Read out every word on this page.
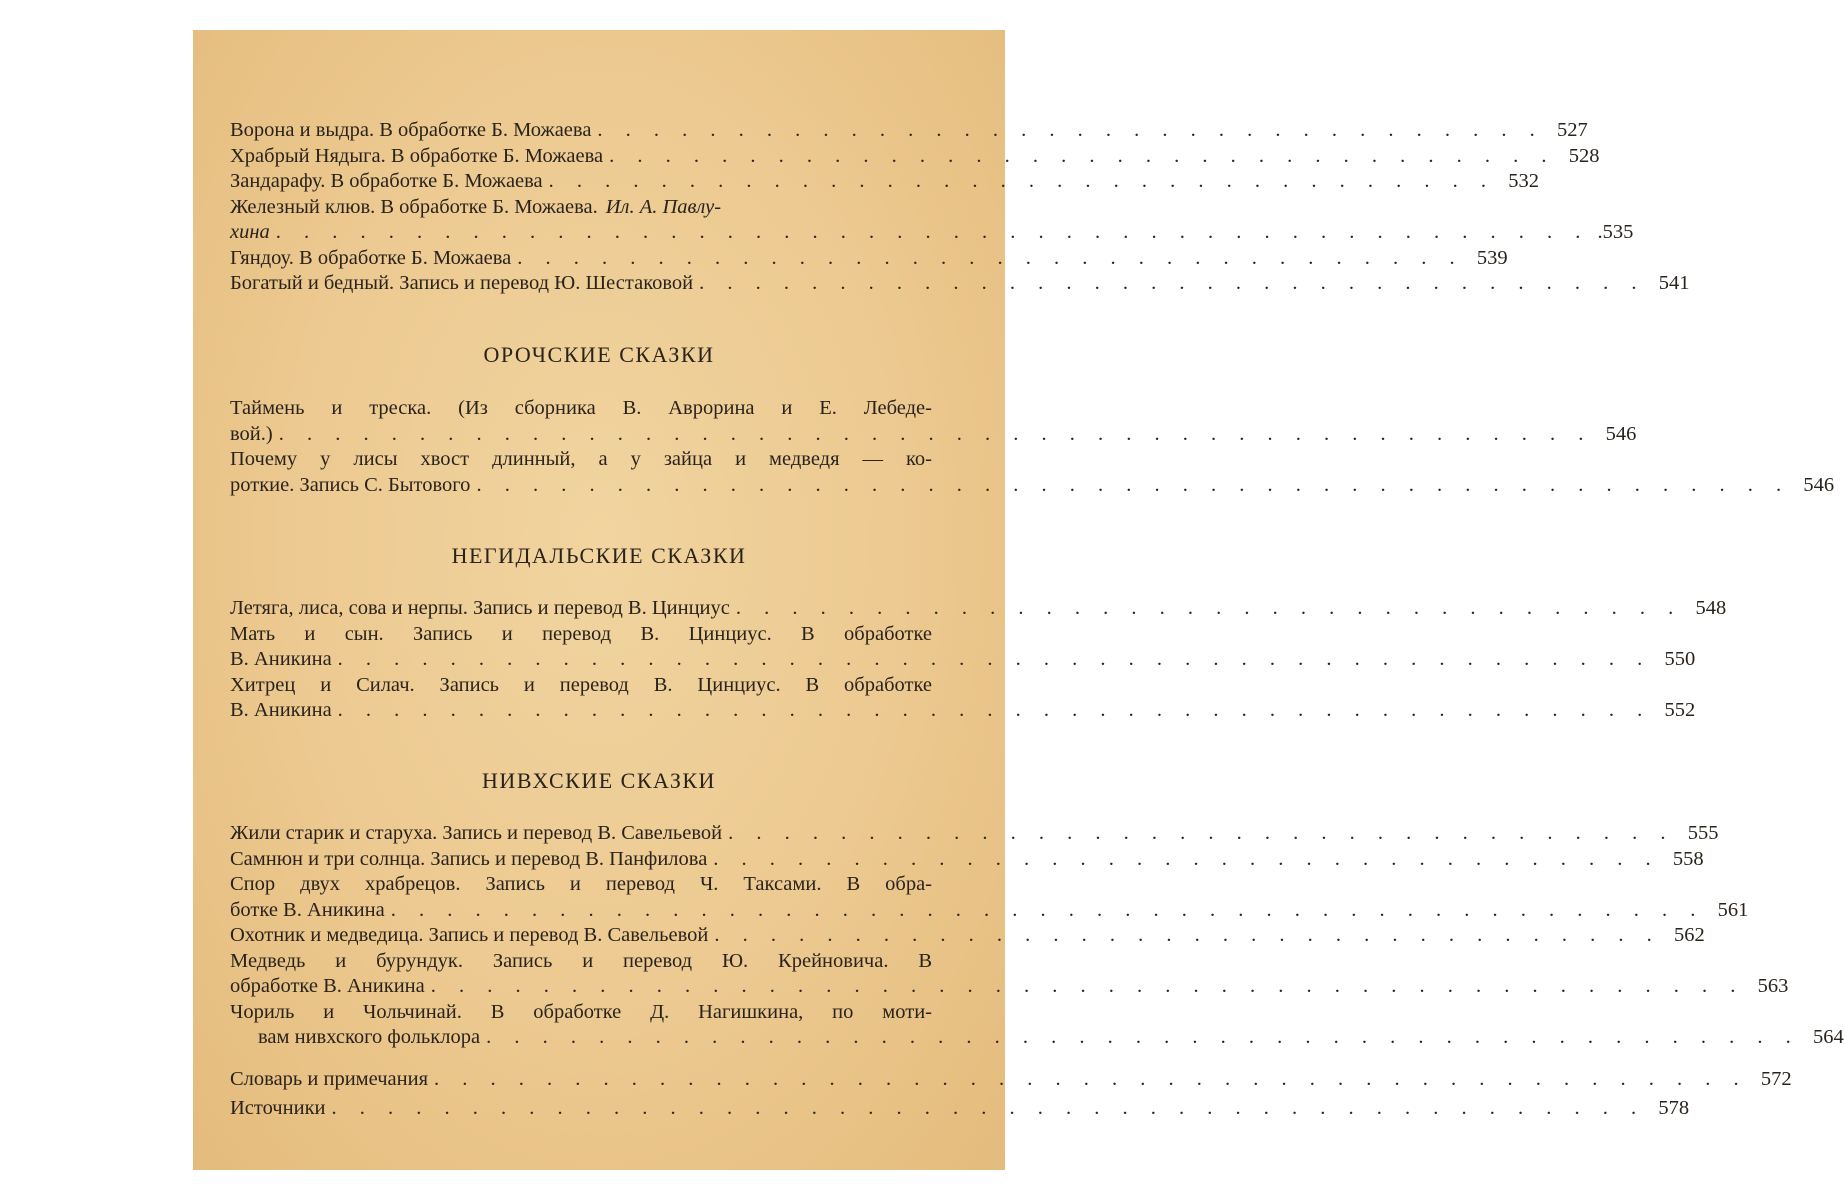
Ворона и выдра. В обработке Б. Можаева . . . . . . . . . . . . . . . . . . . . . . . . . . . . . . . . . . 527
Храбрый Нядыга. В обработке Б. Можаева . . . . . . . . . . . . . . . . . . . . . . . . . . . . . . . . . . 528
Зандарафу. В обработке Б. Можаева . . . . . . . . . . . . . . . . . . . . . . . . . . . . . . . . . . 532
Железный клюв. В обработке Б. Можаева. Ил. А. Павлу-
хина . . . . . . . . . . . . . . . . . . . . . . . . . . . . . . . . . . . . . . . . . . . . . . . .535
Гяндоу. В обработке Б. Можаева . . . . . . . . . . . . . . . . . . . . . . . . . . . . . . . . . . 539
Богатый и бедный. Запись и перевод Ю. Шестаковой . . . . . . . . . . . . . . . . . . . . . . . . . . . . . . . . . . 541
ОРОЧСКИЕ СКАЗКИ
Таймень и треска. (Из сборника В. Аврорина и Е. Лебеде-
вой.) . . . . . . . . . . . . . . . . . . . . . . . . . . . . . . . . . . . . . . . . . . . . . . . 546
Почему у лисы хвост длинный, а у зайца и медведя — ко-
роткие. Запись С. Бытового . . . . . . . . . . . . . . . . . . . . . . . . . . . . . . . . . . . . . . . . . . . . . . . 546
НЕГИДАЛЬСКИЕ СКАЗКИ
Летяга, лиса, сова и нерпы. Запись и перевод В. Цинциус . . . . . . . . . . . . . . . . . . . . . . . . . . . . . . . . . . 548
Мать и сын. Запись и перевод В. Цинциус. В обработке
В. Аникина . . . . . . . . . . . . . . . . . . . . . . . . . . . . . . . . . . . . . . . . . . . . . . . 550
Хитрец и Силач. Запись и перевод В. Цинциус. В обработке
В. Аникина . . . . . . . . . . . . . . . . . . . . . . . . . . . . . . . . . . . . . . . . . . . . . . . 552
НИВХСКИЕ СКАЗКИ
Жили старик и старуха. Запись и перевод В. Савельевой . . . . . . . . . . . . . . . . . . . . . . . . . . . . . . . . . . 555
Самнюн и три солнца. Запись и перевод В. Панфилова . . . . . . . . . . . . . . . . . . . . . . . . . . . . . . . . . . 558
Спор двух храбрецов. Запись и перевод Ч. Таксами. В обра-
ботке В. Аникина . . . . . . . . . . . . . . . . . . . . . . . . . . . . . . . . . . . . . . . . . . . . . . . 561
Охотник и медведица. Запись и перевод В. Савельевой . . . . . . . . . . . . . . . . . . . . . . . . . . . . . . . . . . 562
Медведь и бурундук. Запись и перевод Ю. Крейновича. В
обработке В. Аникина . . . . . . . . . . . . . . . . . . . . . . . . . . . . . . . . . . . . . . . . . . . . . . . 563
Чориль и Чольчинай. В обработке Д. Нагишкина, по моти-
вам нивхского фольклора . . . . . . . . . . . . . . . . . . . . . . . . . . . . . . . . . . . . . . . . . . . . . . . 564
Словарь и примечания . . . . . . . . . . . . . . . . . . . . . . . . . . . . . . . . . . . . . . . . . . . . . . . 572
Источники . . . . . . . . . . . . . . . . . . . . . . . . . . . . . . . . . . . . . . . . . . . . . . . 578
